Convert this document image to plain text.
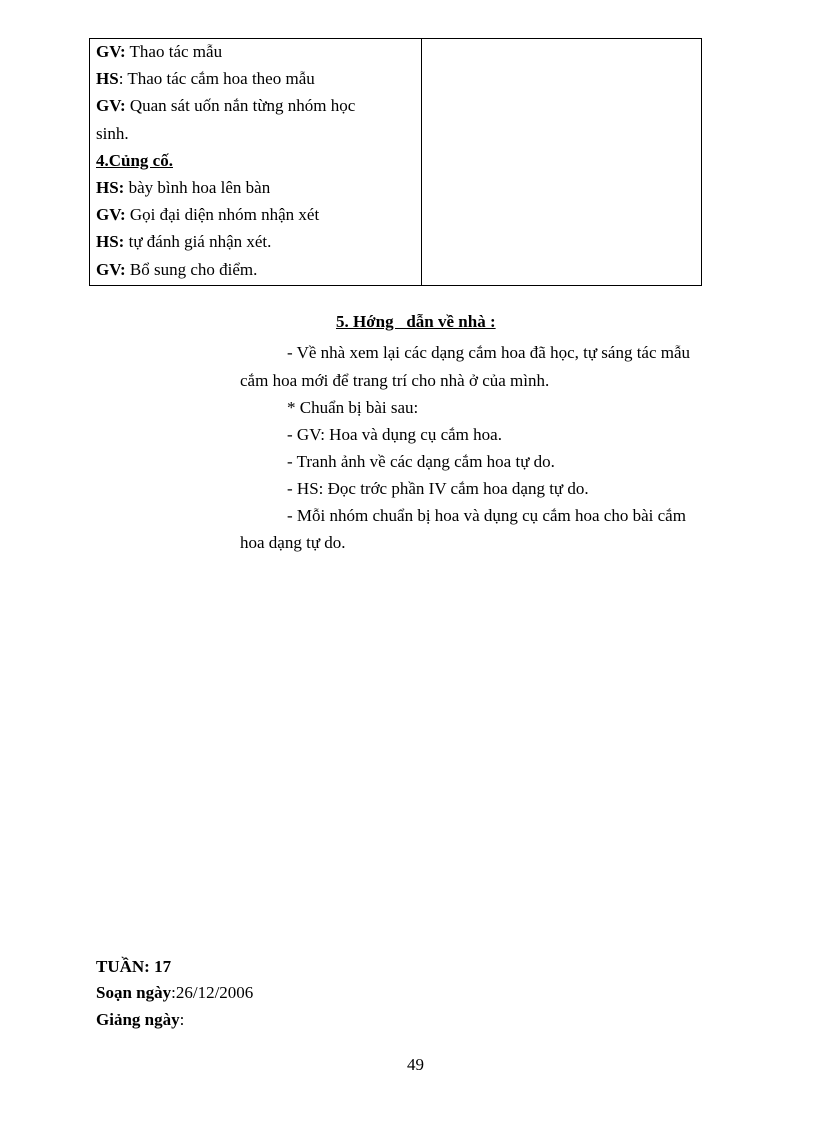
GV: Thao tác mẫu
HS: Thao tác cắm hoa theo mẫu
GV: Quan sát uốn nắn từng nhóm học
sinh.
4.Củng cố.
HS: bày bình hoa lên bàn
GV: Gọi đại diện nhóm nhận xét
HS: tự đánh giá nhận xét.
GV: Bổ sung cho điểm.

5. Hớng   dẫn về nhà :
- Về nhà xem lại các dạng cắm hoa đã học, tự sáng tác mẫu
cắm hoa mới để trang trí cho nhà ở của mình.
* Chuẩn bị bài sau:
- GV: Hoa và dụng cụ cắm hoa.
- Tranh ảnh về các dạng cắm hoa tự do.
- HS: Đọc trớc phần IV cắm hoa dạng tự do.
- Mỗi nhóm chuẩn bị hoa và dụng cụ cắm hoa cho bài cắm
hoa dạng tự do.
TUẦN: 17
Soạn ngày:26/12/2006
Giảng ngày:
49
